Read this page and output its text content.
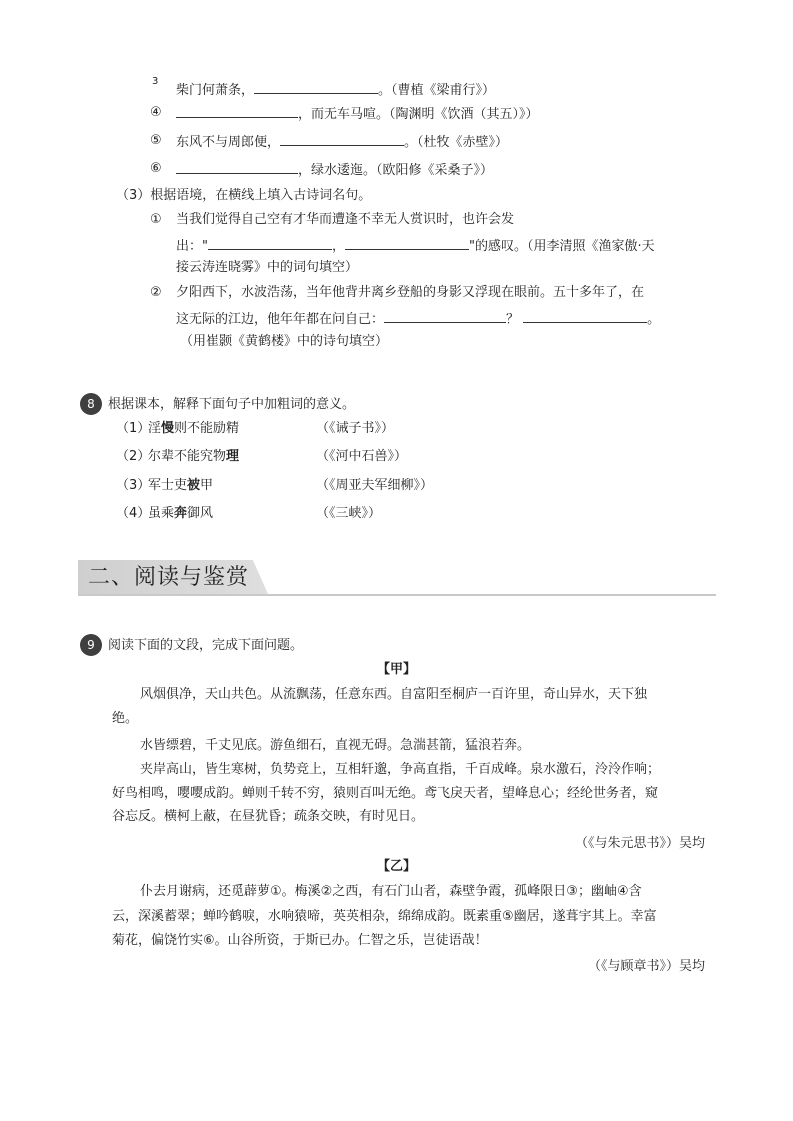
3
柴门何萧条，	。（曹植《梁甫行》）
④	，而无车马喧。（陶渊明《饮酒（其五）》）
⑤ 东风不与周郎便，	。（杜牧《赤壁》）
⑥	，绿水逶迤。（欧阳修《采桑子》）
（3）根据语境，在横线上填入古诗词名句。
① 当我们觉得自己空有才华而遭逢不幸无人赏识时，也许会发
出："	，	"的感叹。（用李清照《渔家傲·天
接云涛连晓雾》中的词句填空）
② 夕阳西下，水波浩荡，当年他背井离乡登船的身影又浮现在眼前。五十多年了，在
这无际的江边，他年年都在问自己：	？	。
（用崔颢《黄鹤楼》中的诗句填空）
8	根据课本，解释下面句子中加粗词的意义。
（1）
淫慢则不能励精	（《诫子书》）
（2）
尔辈不能究物理	（《河中石兽》）
（3）
军士吏被甲	（《周亚夫军细柳》）
（4）
虽乘奔御风	（《三峡》）
二、阅读与鉴赏
9	阅读下面的文段，完成下面问题。
【甲】
风烟俱净，天山共色。从流飘荡，任意东西。自富阳至桐庐一百许里，奇山异水，天下独
绝。
水皆缥碧，千丈见底。游鱼细石，直视无碍。急湍甚箭，猛浪若奔。
夹岸高山，皆生寒树，负势竞上，互相轩邈，争高直指，千百成峰。泉水激石，泠泠作响；
好鸟相鸣，嘤嘤成韵。蝉则千转不穷，猿则百叫无绝。鸢飞戾天者，望峰息心；经纶世务者，窥
谷忘反。横柯上蔽，在昼犹昏；疏条交映，有时见日。
（《与朱元思书》）吴均
【乙】
仆去月谢病，还觅薜萝①。梅溪②之西，有石门山者，森壁争霞，孤峰限日③；幽岫④含
云，深溪蓄翠；蝉吟鹤唳，水响猿啼，英英相杂，绵绵成韵。既素重⑤幽居，遂葺宇其上。幸富
菊花，偏饶竹实⑥。山谷所资，于斯已办。仁智之乐，岂徒语哉！
（《与顾章书》）吴均
